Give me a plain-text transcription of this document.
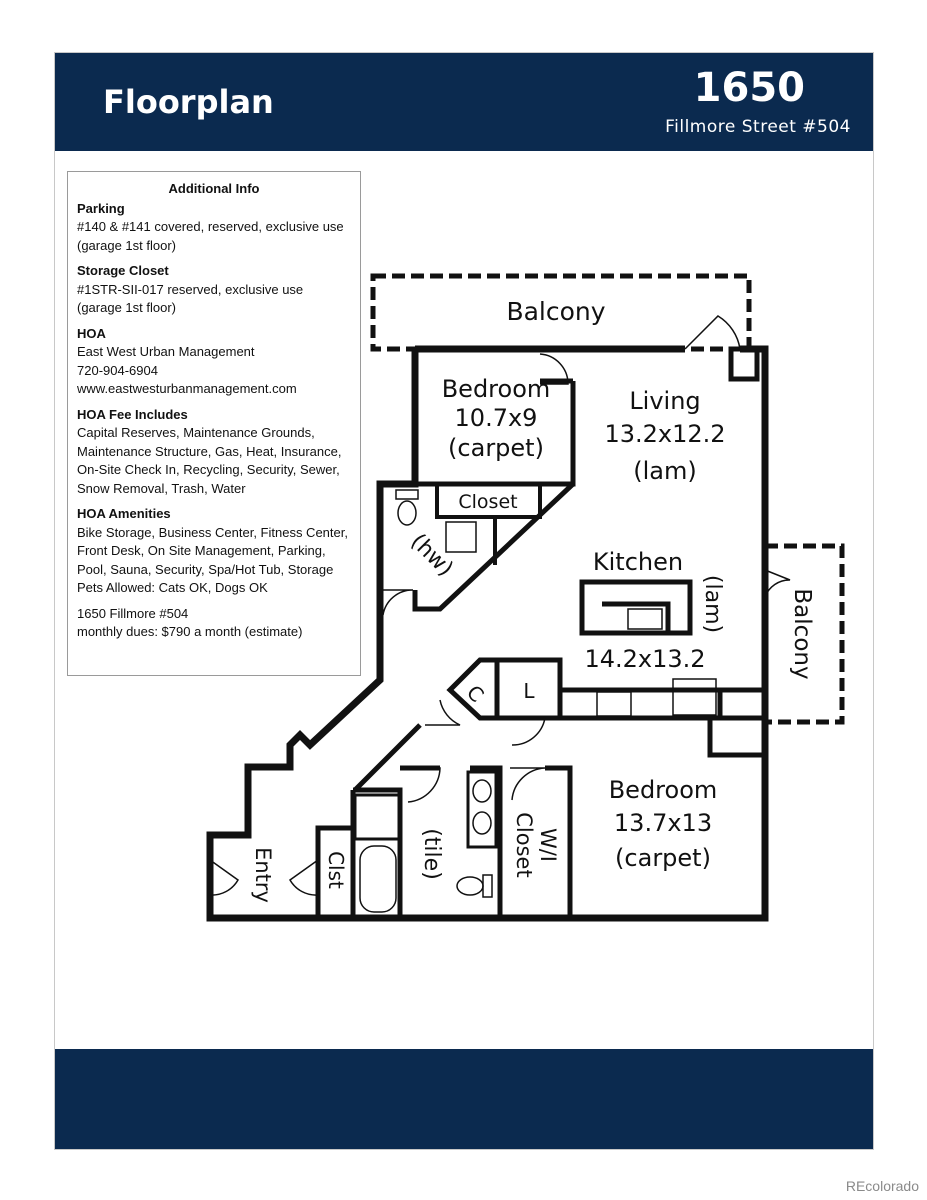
Floorplan	1650
Fillmore Street #504
Additional Info
Parking
#140 & #141 covered, reserved, exclusive use
(garage 1st floor)
Storage Closet
#1STR-SII-017 reserved, exclusive use
(garage 1st floor)
HOA
East West Urban Management
720-904-6904
www.eastwesturbanmanagement.com
HOA Fee Includes
Capital Reserves, Maintenance Grounds,
Maintenance Structure, Gas, Heat, Insurance,
On-Site Check In, Recycling, Security, Sewer,
Snow Removal, Trash, Water
HOA Amenities
Bike Storage, Business Center, Fitness Center,
Front Desk, On Site Management, Parking,
Pool, Sauna, Security, Spa/Hot Tub, Storage
Pets Allowed: Cats OK, Dogs OK
1650 Fillmore #504
monthly dues: $790 a month (estimate)
Balcony
Bedroom
10.7x9
(carpet)
Closet
Living
13.2x12.2
(lam)
(hw)	Kitchen
(lam)
14.2x13.2	Balcony
C L
Bedroom
13.7x13
(carpet)
W/I
Closet
(tile)
Clst
Entry
REcolorado
